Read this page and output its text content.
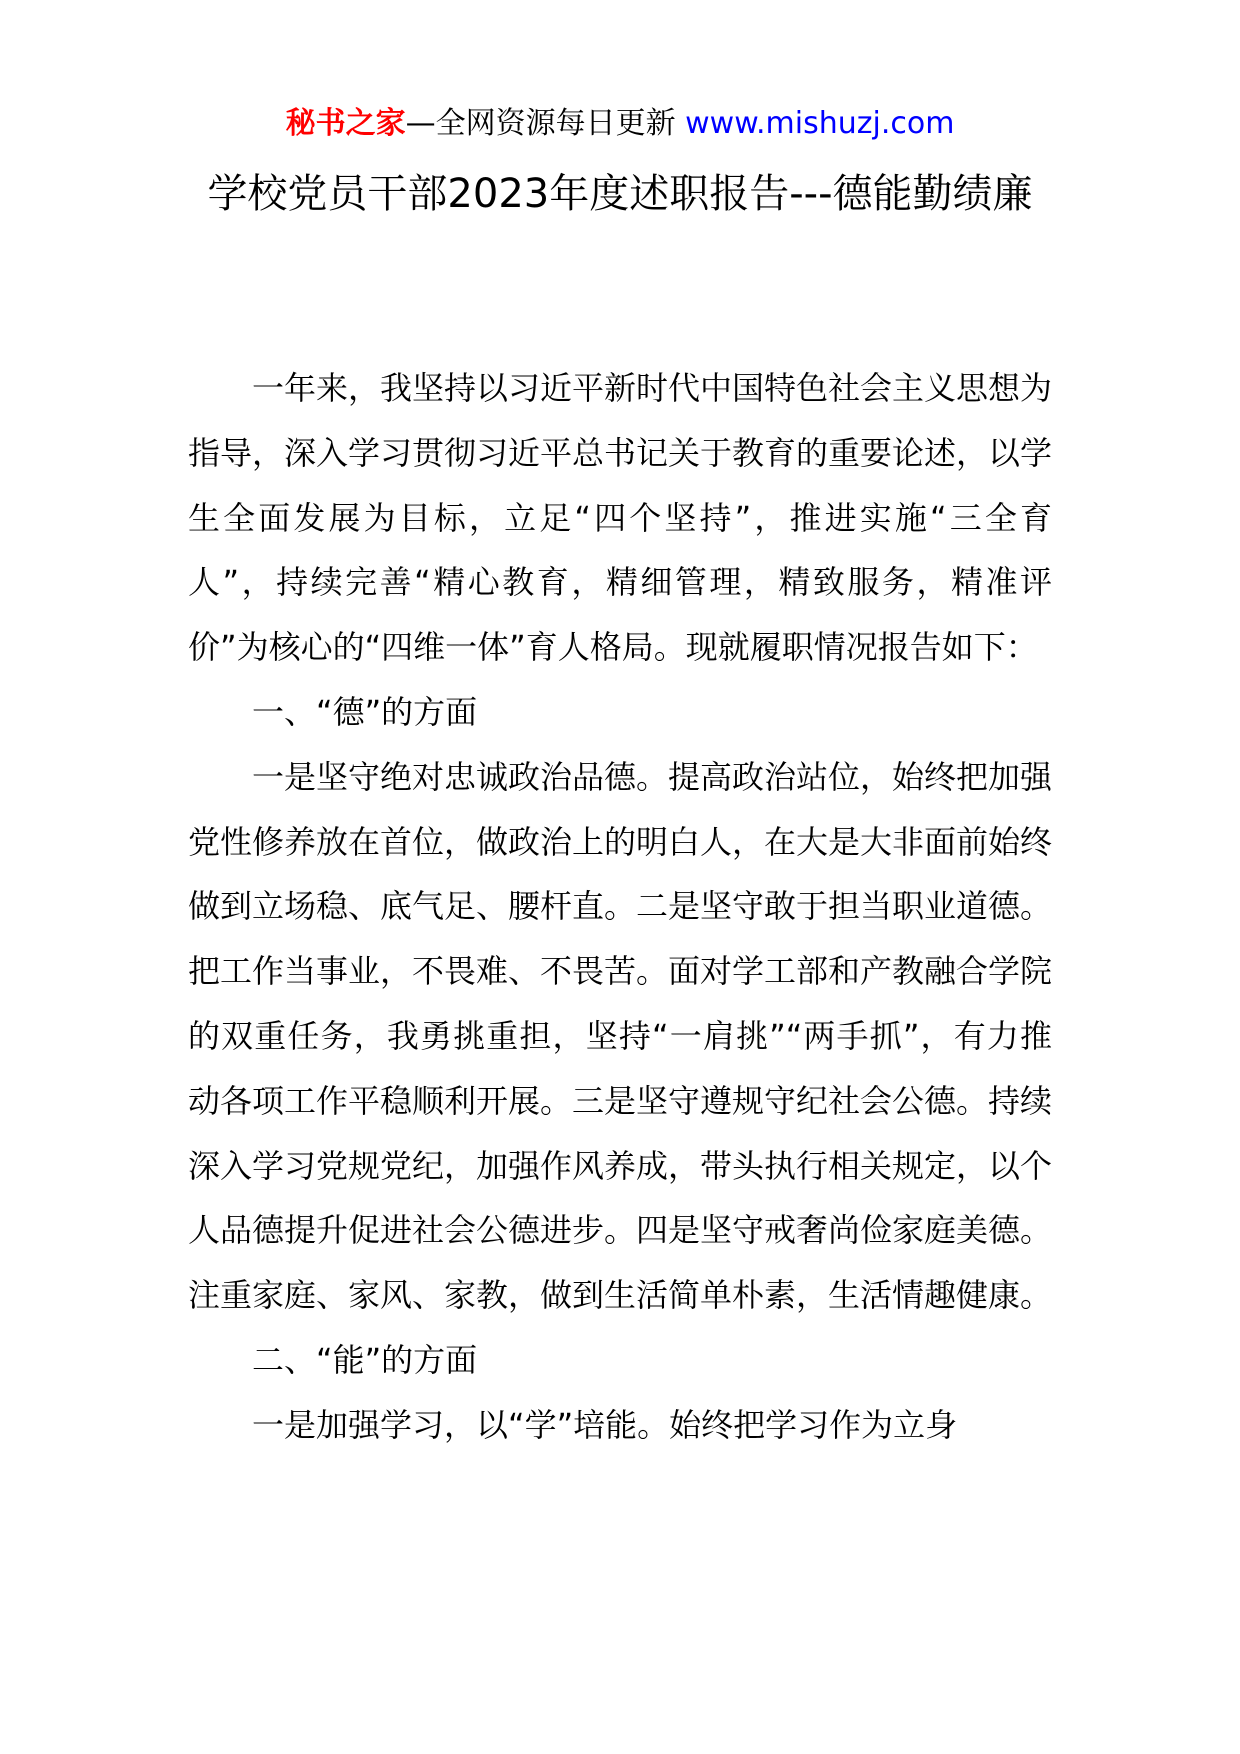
秘书之家—全网资源每日更新 www.mishuzj.com
学校党员干部2023年度述职报告---德能勤绩廉

一年来，我坚持以习近平新时代中国特色社会主义思想为指导，深入学习贯彻习近平总书记关于教育的重要论述，以学生全面发展为目标，立足“四个坚持”，推进实施“三全育人”，持续完善“精心教育，精细管理，精致服务，精准评价”为核心的“四维一体”育人格局。现就履职情况报告如下：

一、“德”的方面

一是坚守绝对忠诚政治品德。提高政治站位，始终把加强党性修养放在首位，做政治上的明白人，在大是大非面前始终做到立场稳、底气足、腰杆直。二是坚守敢于担当职业道德。把工作当事业，不畏难、不畏苦。面对学工部和产教融合学院的双重任务，我勇挑重担，坚持“一肩挑”“两手抓”，有力推动各项工作平稳顺利开展。三是坚守遵规守纪社会公德。持续深入学习党规党纪，加强作风养成，带头执行相关规定，以个人品德提升促进社会公德进步。四是坚守戒奢尚俭家庭美德。注重家庭、家风、家教，做到生活简单朴素，生活情趣健康。

二、“能”的方面

一是加强学习，以“学”培能。始终把学习作为立身
